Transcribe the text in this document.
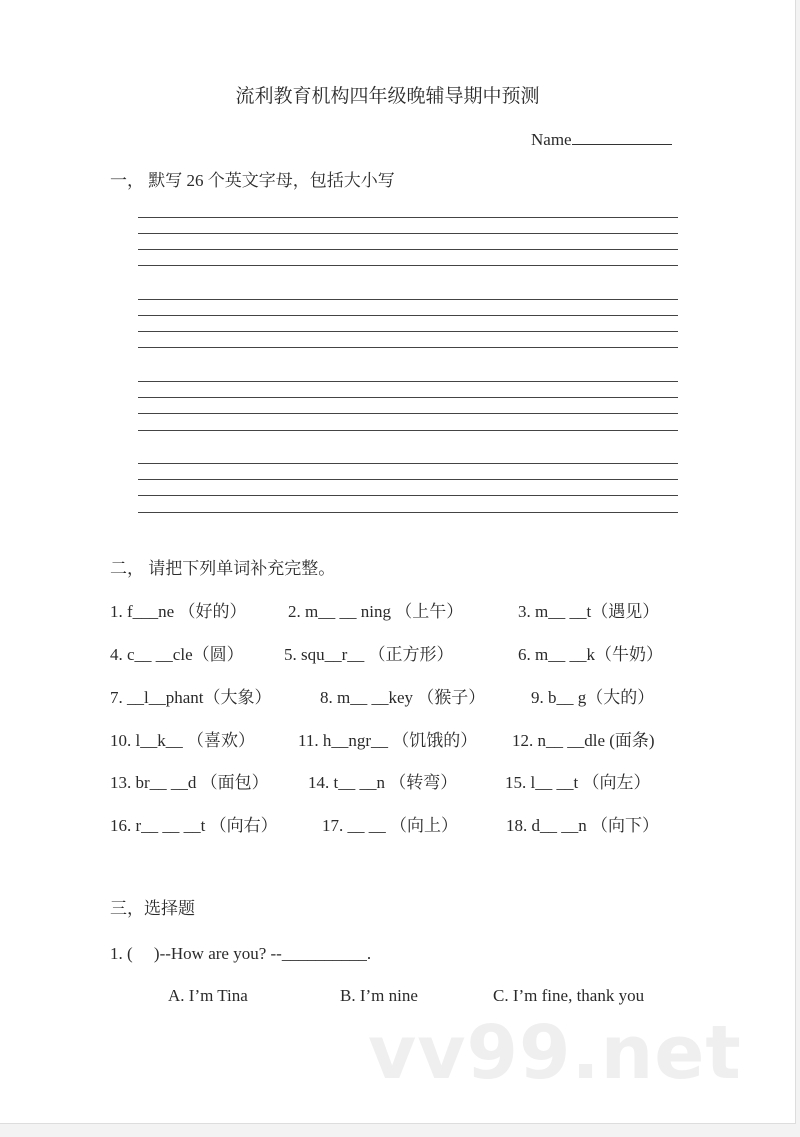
流利教育机构四年级晚辅导期中预测
Name
一， 默写 26 个英文字母，包括大小写
二， 请把下列单词补充完整。
1. f___ne （好的） 2. m__ __ ning （上午）	3. m__ __t（遇见）
4. c__ __cle（圆） 5. squ__r__ （正方形）	6. m__ __k（牛奶）
7. __l__phant（大象）	8. m__ __key （猴子）	9. b__ g（大的）
10. l__k__ （喜欢）	11. h__ngr__ （饥饿的） 12. n__ __dle (面条)
13. br__ __d （面包） 14. t__ __n （转弯）	15. l__ __t （向左）
16. r__ __ __t （向右）	17. __ __ （向上）	18. d__ __n （向下）
三，选择题
1. (     )--How are you? --__________.
A. I’m Tina	B. I’m nine	C. I’m fine, thank you
vv99.net
